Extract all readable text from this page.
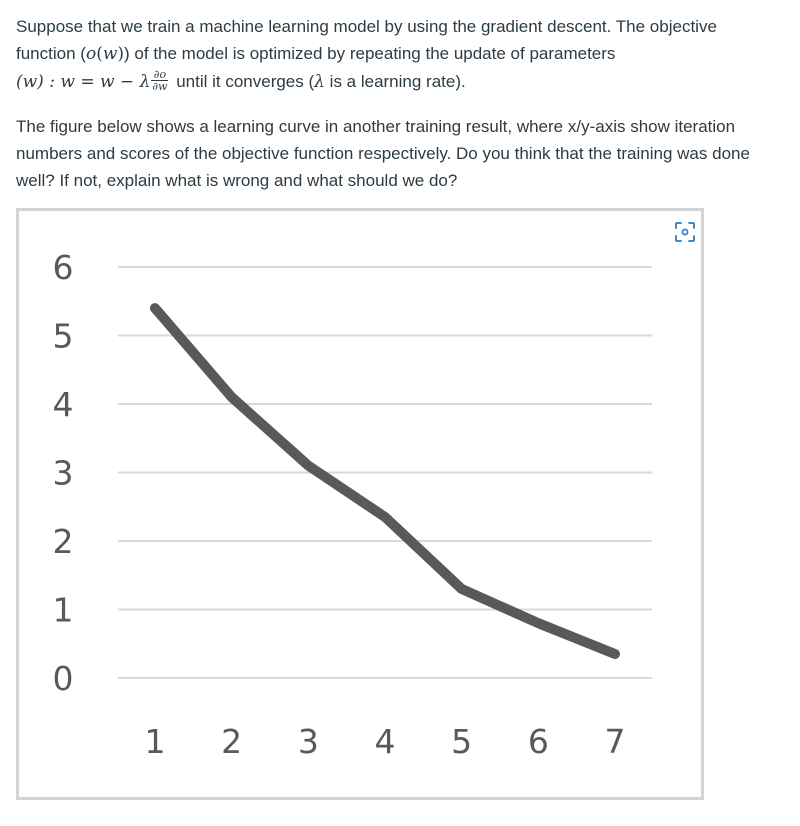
Suppose that we train a machine learning model by using the gradient descent. The objective
function (o(w)) of the model is optimized by repeating the update of parameters
(w) : w = w − λ $\frac{\partial o}{\partial w}$ until it converges (λ is a learning rate).

The figure below shows a learning curve in another training result, where x/y-axis show iteration
numbers and scores of the objective function respectively. Do you think that the training was done
well? If not, explain what is wrong and what should we do?

0
1
2
3
4
5
6
1 2 3 4 5 6 7
